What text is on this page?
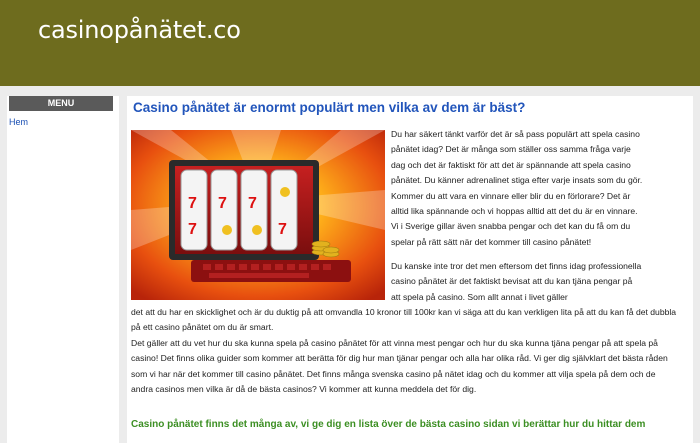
casinopånätet.co
MENU
Hem
Casino pånätet är enormt populärt men vilka av dem är bäst?
7 7 7
7	7

Du har säkert tänkt varför det är så pass populärt att spela casino pånätet idag? Det är många som ställer oss samma fråga varje dag och det är faktiskt för att det är spännande att spela casino pånätet. Du känner adrenalinet stiga efter varje insats som du gör. Kommer du att vara en vinnare eller blir du en förlorare? Det är alltid lika spännande och vi hoppas alltid att det du är en vinnare. Vi i Sverige gillar även snabba pengar och det kan du få om du spelar på rätt sätt när det kommer till casino pånätet!

Du kanske inte tror det men eftersom det finns idag professionella casino pånätet är det faktiskt bevisat att du kan tjäna pengar på att spela på casino. Som allt annat i livet gäller

det att du har en skicklighet och är du duktig på att omvandla 10 kronor till 100kr kan vi säga att du kan verkligen lita på att du kan få det dubbla på ett casino pånätet om du är smart.

Det gäller att du vet hur du ska kunna spela på casino pånätet för att vinna mest pengar och hur du ska kunna tjäna pengar på att spela på casino! Det finns olika guider som kommer att berätta för dig hur man tjänar pengar och alla har olika råd. Vi ger dig självklart det bästa råden som vi har när det kommer till casino pånätet. Det finns många svenska casino på nätet idag och du kommer att vilja spela på dem och de andra casinos men vilka är då de bästa casinos? Vi kommer att kunna meddela det för dig.

Casino pånätet finns det många av, vi ge dig en lista över de bästa casino sidan vi berättar hur du hittar dem
